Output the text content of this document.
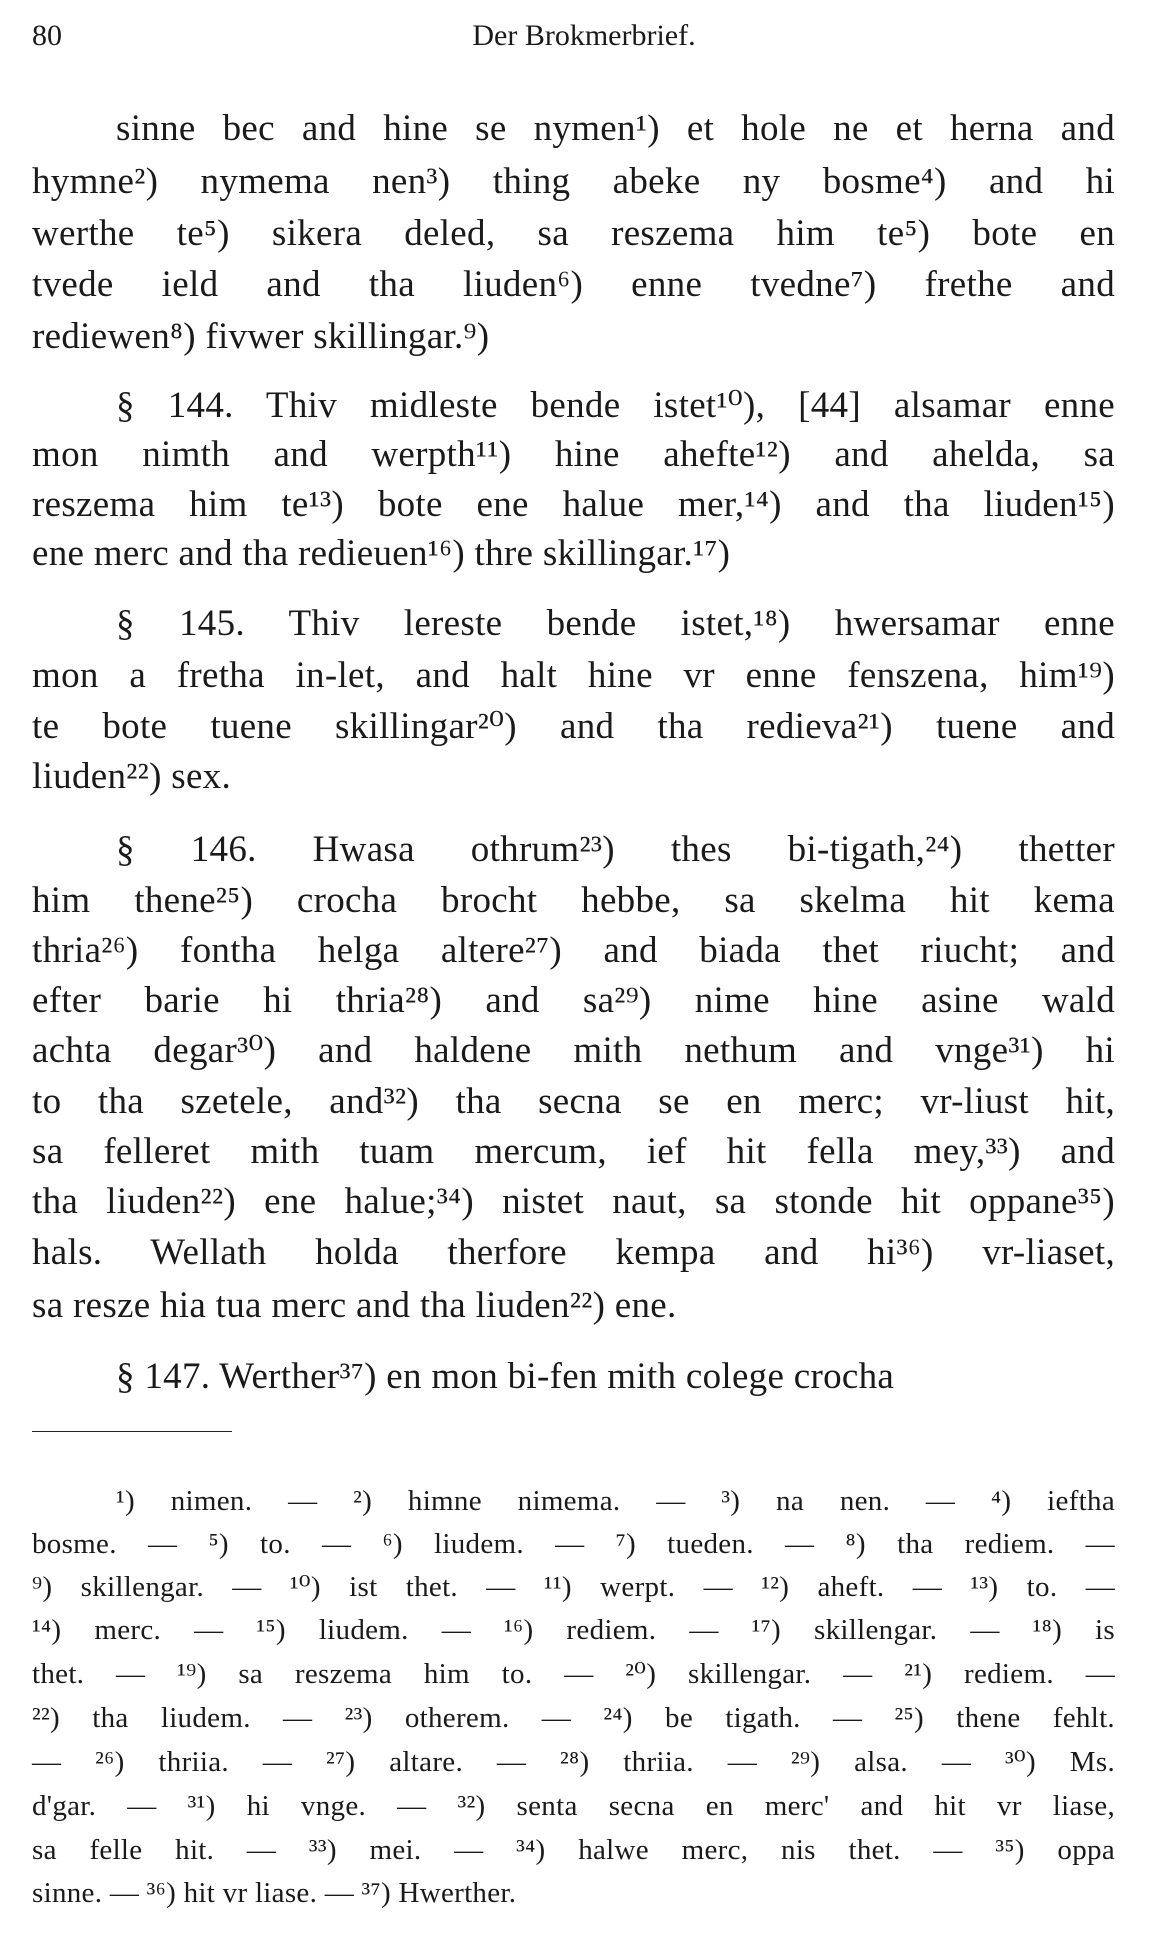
80	Der Brokmerbrief.
sinne bec and hine se nymen¹) et hole ne et herna and
hymne²) nymema nen³) thing abeke ny bosme⁴) and hi
werthe te⁵) sikera deled, sa reszema him te⁵) bote en
tvede ield and tha liuden⁶) enne tvedne⁷) frethe and
rediewen⁸) fivwer skillingar.⁹)
§ 144. Thiv midleste bende istet¹⁰), [44] alsamar enne
mon nimth and werpth¹¹) hine ahefte¹²) and ahelda, sa
reszema him te¹³) bote ene halue mer,¹⁴) and tha liuden¹⁵)
ene merc and tha redieuen¹⁶) thre skillingar.¹⁷)
§ 145. Thiv lereste bende istet,¹⁸) hwersamar enne
mon a fretha in-let, and halt hine vr enne fenszena, him¹⁹)
te bote tuene skillingar²⁰) and tha redieva²¹) tuene and
liuden²²) sex.
§ 146. Hwasa othrum²³) thes bi-tigath,²⁴) thetter
him thene²⁵) crocha brocht hebbe, sa skelma hit kema
thria²⁶) fontha helga altere²⁷) and biada thet riucht; and
efter barie hi thria²⁸) and sa²⁹) nime hine asine wald
achta degar³⁰) and haldene mith nethum and vnge³¹) hi
to tha szetele, and³²) tha secna se en merc; vr-liust hit,
sa felleret mith tuam mercum, ief hit fella mey,³³) and
tha liuden²²) ene halue;³⁴) nistet naut, sa stonde hit oppane³⁵)
hals. Wellath holda therfore kempa and hi³⁶) vr-liaset,
sa resze hia tua merc and tha liuden²²) ene.
§ 147. Werther³⁷) en mon bi-fen mith colege crocha
¹) nimen. — ²) himne nimema. — ³) na nen. — ⁴) ieftha
bosme. — ⁵) to. — ⁶) liudem. — ⁷) tueden. — ⁸) tha rediem. —
⁹) skillengar. — ¹⁰) ist thet. — ¹¹) werpt. — ¹²) aheft. — ¹³) to. —
¹⁴) merc. — ¹⁵) liudem. — ¹⁶) rediem. — ¹⁷) skillengar. — ¹⁸) is
thet. — ¹⁹) sa reszema him to. — ²⁰) skillengar. — ²¹) rediem. —
²²) tha liudem. — ²³) otherem. — ²⁴) be tigath. — ²⁵) thene fehlt.
— ²⁶) thriia. — ²⁷) altare. — ²⁸) thriia. — ²⁹) alsa. — ³⁰) Ms.
d'gar. — ³¹) hi vnge. — ³²) senta secna en merc' and hit vr liase,
sa felle hit. — ³³) mei. — ³⁴) halwe merc, nis thet. — ³⁵) oppa
sinne. — ³⁶) hit vr liase. — ³⁷) Hwerther.
